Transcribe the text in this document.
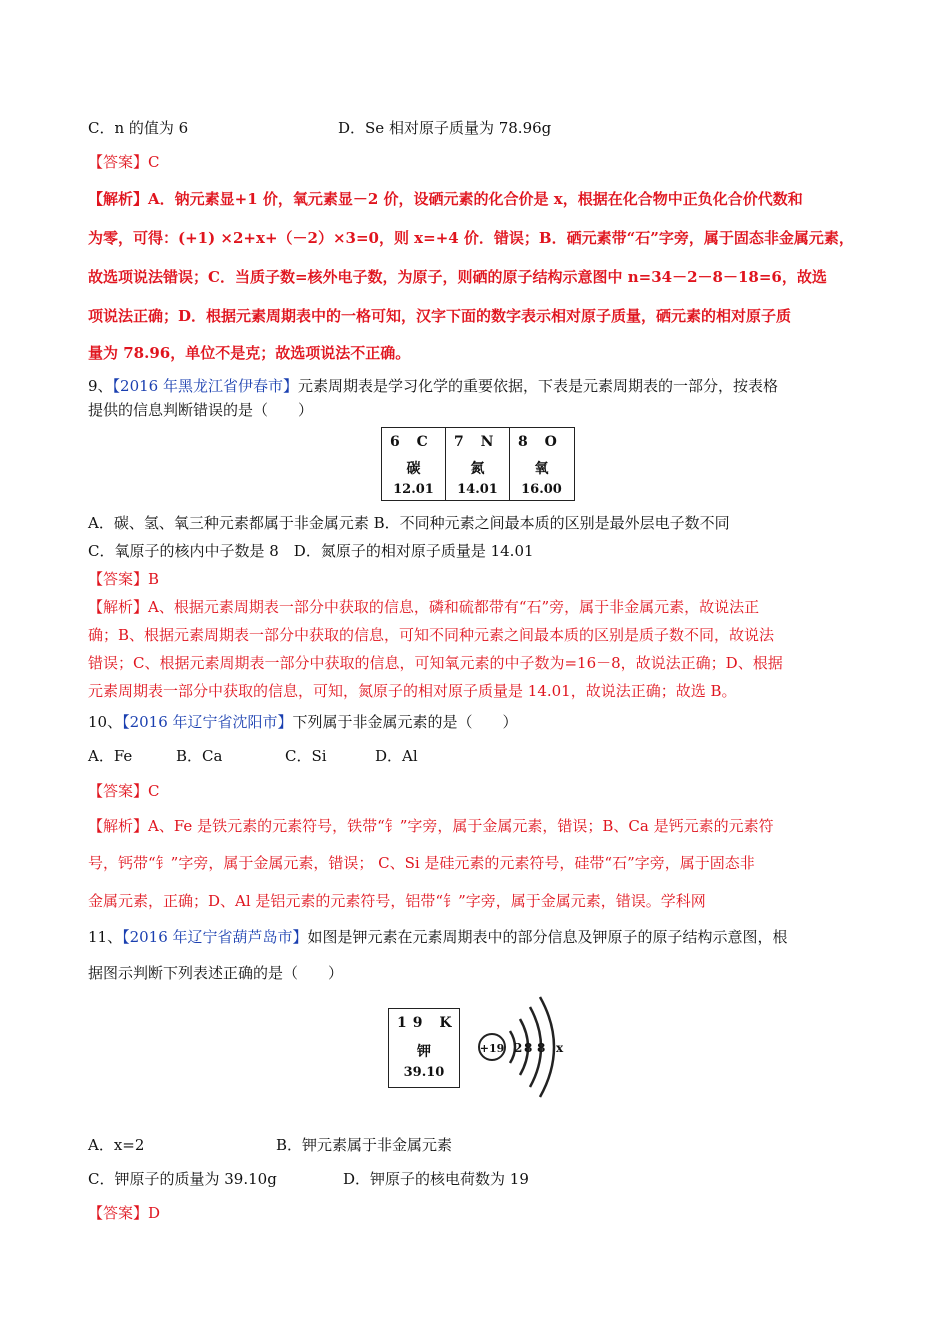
C．n 的值为 6	D．Se 相对原子质量为 78.96g
【答案】C
【解析】A．钠元素显+1 价，氧元素显－2 价，设硒元素的化合价是 x，根据在化合物中正负化合价代数和
为零，可得：(+1) ×2+x+（－2）×3=0，则 x=+4 价．错误；B．硒元素带“石”字旁，属于固态非金属元素，
故选项说法错误；C．当质子数=核外电子数，为原子，则硒的原子结构示意图中 n=34－2－8－18=6，故选
项说法正确；D．根据元素周期表中的一格可知，汉字下面的数字表示相对原子质量，硒元素的相对原子质
量为 78.96，单位不是克；故选项说法不正确。
9、【2016 年黑龙江省伊春市】元素周期表是学习化学的重要依据，下表是元素周期表的一部分，按表格
提供的信息判断错误的是（　　）
6 C
碳
12.01
7 N
氮
14.01
8 O
氧
16.00
A．碳、氢、氧三种元素都属于非金属元素 B．不同种元素之间最本质的区别是最外层电子数不同
C．氧原子的核内中子数是 8　D．氮原子的相对原子质量是 14.01
【答案】B
【解析】A、根据元素周期表一部分中获取的信息，磷和硫都带有“石”旁，属于非金属元素，故说法正
确；B、根据元素周期表一部分中获取的信息，可知不同种元素之间最本质的区别是质子数不同，故说法
错误；C、根据元素周期表一部分中获取的信息，可知氧元素的中子数为=16－8，故说法正确；D、根据
元素周期表一部分中获取的信息，可知，氮原子的相对原子质量是 14.01，故说法正确；故选 B。
10、【2016 年辽宁省沈阳市】下列属于非金属元素的是（　　）
A．Fe	B．Ca	C．Si	D．Al
【答案】C
【解析】A、Fe 是铁元素的元素符号，铁带“钅”字旁，属于金属元素，错误；B、Ca 是钙元素的元素符
号，钙带“钅”字旁，属于金属元素，错误； C、Si 是硅元素的元素符号，硅带“石”字旁，属于固态非
金属元素，正确；D、Al 是铝元素的元素符号，铝带“钅”字旁，属于金属元素，错误。学科网
11、【2016 年辽宁省葫芦岛市】如图是钾元素在元素周期表中的部分信息及钾原子的原子结构示意图，根
据图示判断下列表述正确的是（　　）
19 K
钾
39.10
+19 2 8 8 x
A．x=2	B．钾元素属于非金属元素
C．钾原子的质量为 39.10g	D．钾原子的核电荷数为 19
【答案】D
